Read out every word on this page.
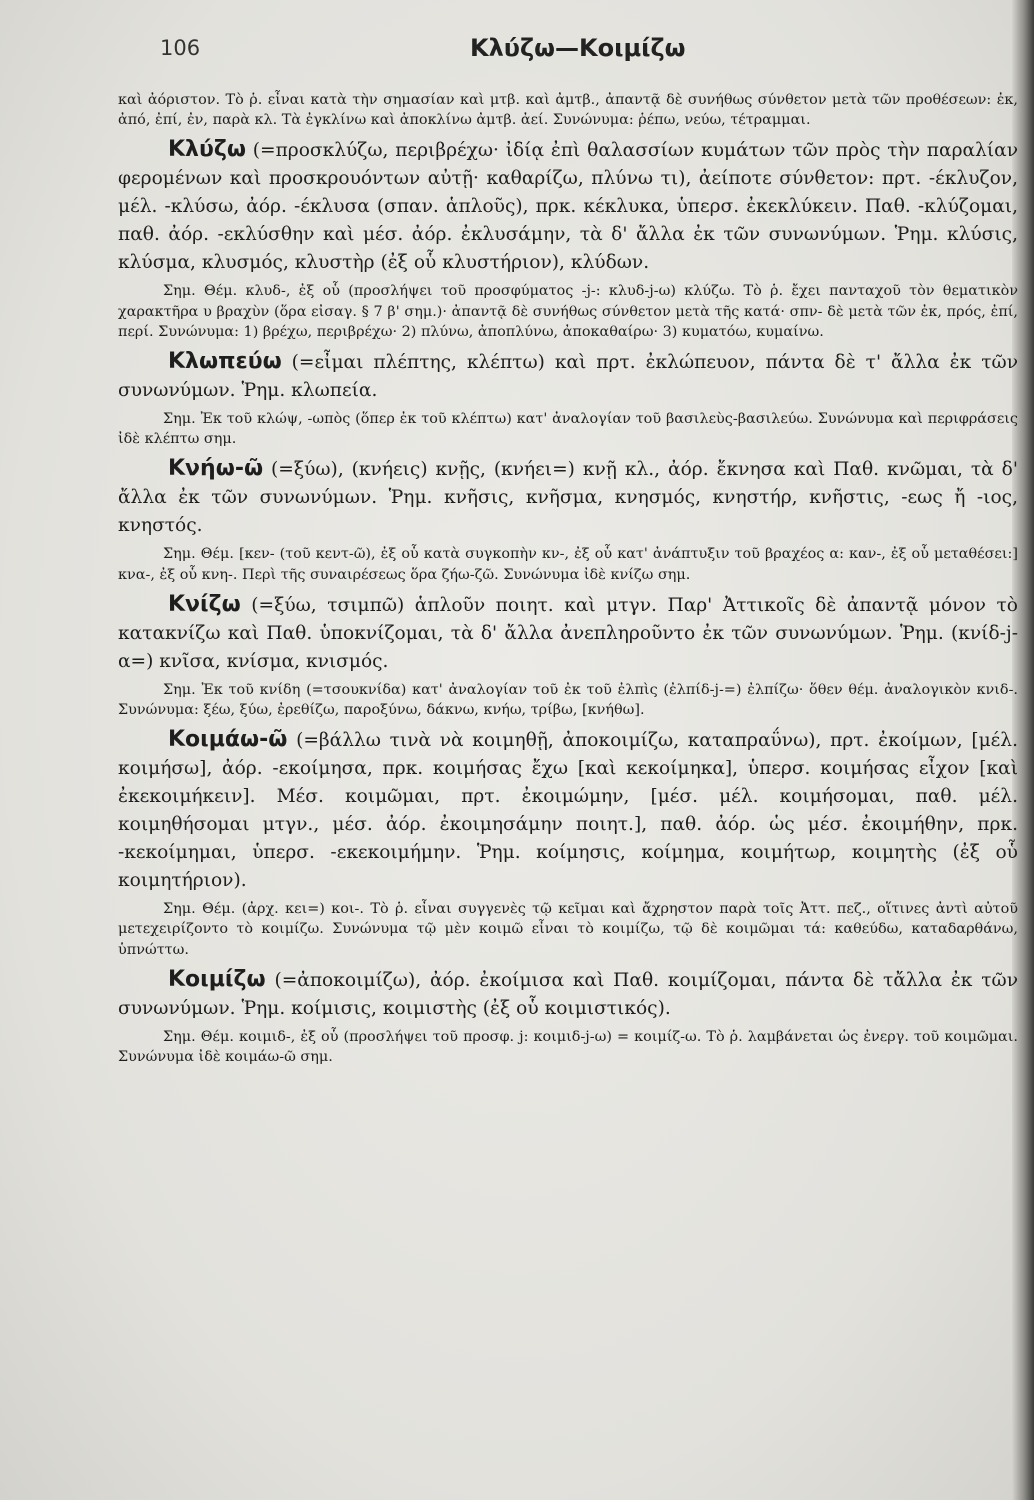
106	Κλύζω—Κοιμίζω

καὶ ἀόριστον. Τὸ ῥ. εἶναι κατὰ τὴν σημασίαν καὶ μτβ. καὶ ἀμτβ., ἀπαντᾷ δὲ συνήθως σύνθετον μετὰ τῶν προθέσεων: ἐκ, ἀπό, ἐπί, ἐν, παρὰ κλ. Τὰ ἐγκλίνω καὶ ἀποκλίνω ἀμτβ. ἀεί. Συνώνυμα: ῥέπω, νεύω, τέτραμμαι.

Κλύζω (=προσκλύζω, περιβρέχω· ἰδίᾳ ἐπὶ θαλασσίων κυμάτων τῶν πρὸς τὴν παραλίαν φερομένων καὶ προσκρουόντων αὐτῇ· καθαρίζω, πλύνω τι), ἀείποτε σύνθετον: πρτ. -έκλυζον, μέλ. -κλύσω, ἀόρ. -έκλυσα (σπαν. ἁπλοῦς), πρκ. κέκλυκα, ὑπερσ. ἐκεκλύκειν. Παθ. -κλύζομαι, παθ. ἀόρ. -εκλύσθην καὶ μέσ. ἀόρ. ἐκλυσάμην, τὰ δ' ἄλλα ἐκ τῶν συνωνύμων. Ῥημ. κλύσις, κλύσμα, κλυσμός, κλυστὴρ (ἐξ οὗ κλυστήριον), κλύδων.

Σημ. Θέμ. κλυδ-, ἐξ οὗ (προσλήψει τοῦ προσφύματος -j-: κλυδ-j-ω) κλύζω. Τὸ ῥ. ἔχει πανταχοῦ τὸν θεματικὸν χαρακτῆρα υ βραχὺν (ὅρα εἰσαγ. § 7 β' σημ.)· ἀπαντᾷ δὲ συνήθως σύνθετον μετὰ τῆς κατά· σπν- δὲ μετὰ τῶν ἐκ, πρός, ἐπί, περί. Συνώνυμα: 1) βρέχω, περιβρέχω· 2) πλύνω, ἀποπλύνω, ἀποκαθαίρω· 3) κυματόω, κυμαίνω.

Κλωπεύω (=εἶμαι πλέπτης, κλέπτω) καὶ πρτ. ἐκλώπευον, πάντα δὲ τ' ἄλλα ἐκ τῶν συνωνύμων. Ῥημ. κλωπεία.

Σημ. Ἐκ τοῦ κλώψ, -ωπὸς (ὅπερ ἐκ τοῦ κλέπτω) κατ' ἀναλογίαν τοῦ βασιλεὺς-βασιλεύω. Συνώνυμα καὶ περιφράσεις ἰδὲ κλέπτω σημ.

Κνήω-ῶ (=ξύω), (κνήεις) κνῇς, (κνήει=) κνῇ κλ., ἀόρ. ἔκνησα καὶ Παθ. κνῶμαι, τὰ δ' ἄλλα ἐκ τῶν συνωνύμων. Ῥημ. κνῆσις, κνῆσμα, κνησμός, κνηστήρ, κνῆστις, -εως ἤ -ιος, κνηστός.

Σημ. Θέμ. [κεν- (τοῦ κεντ-ῶ), ἐξ οὗ κατὰ συγκοπὴν κν-, ἐξ οὗ κατ' ἀνάπτυξιν τοῦ βραχέος α: καν-, ἐξ οὗ μεταθέσει:] κνα-, ἐξ οὗ κνη-. Περὶ τῆς συναιρέσεως ὅρα ζήω-ζῶ. Συνώνυμα ἰδὲ κνίζω σημ.

Κνίζω (=ξύω, τσιμπῶ) ἁπλοῦν ποιητ. καὶ μτγν. Παρ' Ἀττικοῖς δὲ ἀπαντᾷ μόνον τὸ κατακνίζω καὶ Παθ. ὑποκνίζομαι, τὰ δ' ἄλλα ἀνεπληροῦντο ἐκ τῶν συνωνύμων. Ῥημ. (κνίδ-j-α=) κνῖσα, κνίσμα, κνισμός.

Σημ. Ἐκ τοῦ κνίδη (=τσουκνίδα) κατ' ἀναλογίαν τοῦ ἐκ τοῦ ἐλπὶς (ἐλπίδ-j-=) ἐλπίζω· ὅθεν θέμ. ἀναλογικὸν κνιδ-. Συνώνυμα: ξέω, ξύω, ἐρεθίζω, παροξύνω, δάκνω, κνήω, τρίβω, [κνήθω].

Κοιμάω-ῶ (=βάλλω τινὰ νὰ κοιμηθῇ, ἀποκοιμίζω, καταπραΰνω), πρτ. ἐκοίμων, [μέλ. κοιμήσω], ἀόρ. -εκοίμησα, πρκ. κοιμήσας ἔχω [καὶ κεκοίμηκα], ὑπερσ. κοιμήσας εἶχον [καὶ ἐκεκοιμήκειν]. Μέσ. κοιμῶμαι, πρτ. ἐκοιμώμην, [μέσ. μέλ. κοιμήσομαι, παθ. μέλ. κοιμηθήσομαι μτγν., μέσ. ἀόρ. ἐκοιμησάμην ποιητ.], παθ. ἀόρ. ὡς μέσ. ἐκοιμήθην, πρκ. -κεκοίμημαι, ὑπερσ. -εκεκοιμήμην. Ῥημ. κοίμησις, κοίμημα, κοιμήτωρ, κοιμητὴς (ἐξ οὗ κοιμητήριον).

Σημ. Θέμ. (ἀρχ. κει=) κοι-. Τὸ ῥ. εἶναι συγγενὲς τῷ κεῖμαι καὶ ἄχρηστον παρὰ τοῖς Ἀττ. πεζ., οἵτινες ἀντὶ αὐτοῦ μετεχειρίζοντο τὸ κοιμίζω. Συνώνυμα τῷ μὲν κοιμῶ εἶναι τὸ κοιμίζω, τῷ δὲ κοιμῶμαι τά: καθεύδω, καταδαρθάνω, ὑπνώττω.

Κοιμίζω (=ἀποκοιμίζω), ἀόρ. ἐκοίμισα καὶ Παθ. κοιμίζομαι, πάντα δὲ τἄλλα ἐκ τῶν συνωνύμων. Ῥημ. κοίμισις, κοιμιστὴς (ἐξ οὗ κοιμιστικός).

Σημ. Θέμ. κοιμιδ-, ἐξ οὗ (προσλήψει τοῦ προσφ. j: κοιμιδ-j-ω) = κοιμίζ-ω. Τὸ ῥ. λαμβάνεται ὡς ἐνεργ. τοῦ κοιμῶμαι. Συνώνυμα ἰδὲ κοιμάω-ῶ σημ.
